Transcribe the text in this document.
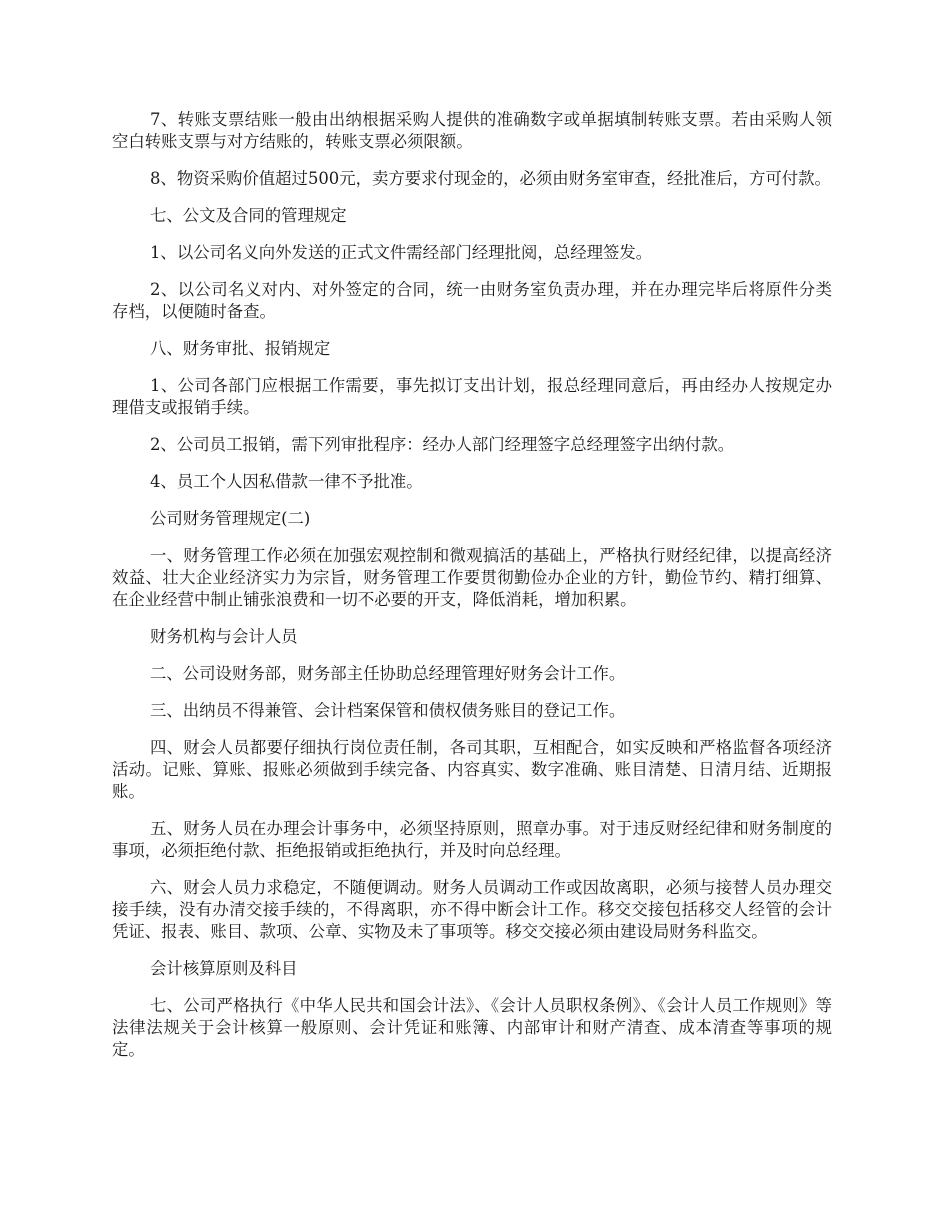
7、转账支票结账一般由出纳根据采购人提供的准确数字或单据填制转账支票。若由采购人领空白转账支票与对方结账的，转账支票必须限额。

8、物资采购价值超过500元，卖方要求付现金的，必须由财务室审查，经批准后，方可付款。

七、公文及合同的管理规定

1、以公司名义向外发送的正式文件需经部门经理批阅，总经理签发。

2、以公司名义对内、对外签定的合同，统一由财务室负责办理，并在办理完毕后将原件分类存档，以便随时备查。

八、财务审批、报销规定

1、公司各部门应根据工作需要，事先拟订支出计划，报总经理同意后，再由经办人按规定办理借支或报销手续。

2、公司员工报销，需下列审批程序：经办人部门经理签字总经理签字出纳付款。

4、员工个人因私借款一律不予批准。

公司财务管理规定(二)

一、财务管理工作必须在加强宏观控制和微观搞活的基础上，严格执行财经纪律，以提高经济效益、壮大企业经济实力为宗旨，财务管理工作要贯彻勤俭办企业的方针，勤俭节约、精打细算、在企业经营中制止铺张浪费和一切不必要的开支，降低消耗，增加积累。

财务机构与会计人员

二、公司设财务部，财务部主任协助总经理管理好财务会计工作。

三、出纳员不得兼管、会计档案保管和债权债务账目的登记工作。

四、财会人员都要仔细执行岗位责任制，各司其职，互相配合，如实反映和严格监督各项经济活动。记账、算账、报账必须做到手续完备、内容真实、数字准确、账目清楚、日清月结、近期报账。

五、财务人员在办理会计事务中，必须坚持原则，照章办事。对于违反财经纪律和财务制度的事项，必须拒绝付款、拒绝报销或拒绝执行，并及时向总经理。

六、财会人员力求稳定，不随便调动。财务人员调动工作或因故离职，必须与接替人员办理交接手续，没有办清交接手续的，不得离职，亦不得中断会计工作。移交交接包括移交人经管的会计凭证、报表、账目、款项、公章、实物及未了事项等。移交交接必须由建设局财务科监交。

会计核算原则及科目

七、公司严格执行《中华人民共和国会计法》、《会计人员职权条例》、《会计人员工作规则》等法律法规关于会计核算一般原则、会计凭证和账簿、内部审计和财产清查、成本清查等事项的规定。
